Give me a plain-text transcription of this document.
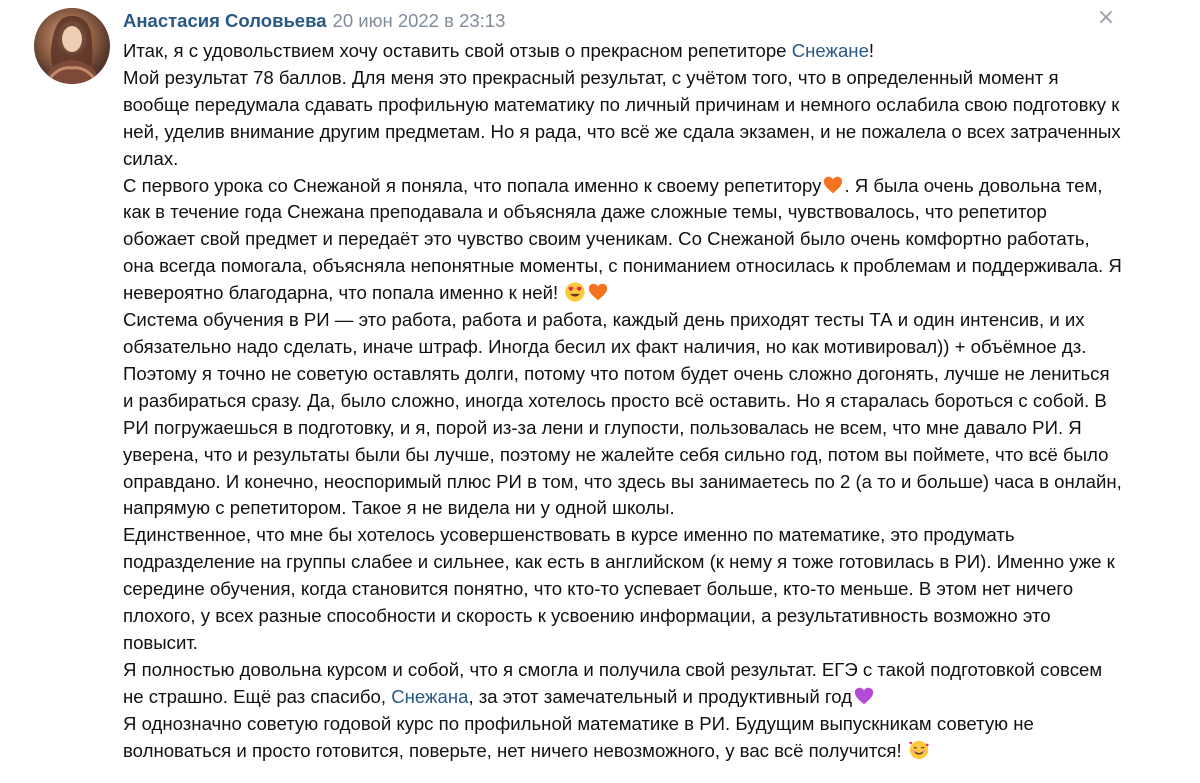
×
Анастасия Соловьева 20 июн 2022 в 23:13

Итак, я с удовольствием хочу оставить свой отзыв о прекрасном репетиторе Снежане!

Мой результат 78 баллов. Для меня это прекрасный результат, с учётом того, что в определенный момент я вообще передумала сдавать профильную математику по личный причинам и немного ослабила свою подготовку к ней, уделив внимание другим предметам. Но я рада, что всё же сдала экзамен, и не пожалела о всех затраченных силах.

С первого урока со Снежаной я поняла, что попала именно к своему репетитору . Я была очень довольна тем, как в течение года Снежана преподавала и объясняла даже сложные темы, чувствовалось, что репетитор обожает свой предмет и передаёт это чувство своим ученикам. Со Снежаной было очень комфортно работать, она всегда помогала, объясняла непонятные моменты, с пониманием относилась к проблемам и поддерживала. Я невероятно благодарна, что попала именно к ней!

Система обучения в РИ — это работа, работа и работа, каждый день приходят тесты ТА и один интенсив, и их обязательно надо сделать, иначе штраф. Иногда бесил их факт наличия, но как мотивировал)) + объёмное дз. Поэтому я точно не советую оставлять долги, потому что потом будет очень сложно догонять, лучше не лениться и разбираться сразу. Да, было сложно, иногда хотелось просто всё оставить. Но я старалась бороться с собой. В РИ погружаешься в подготовку, и я, порой из-за лени и глупости, пользовалась не всем, что мне давало РИ. Я уверена, что и результаты были бы лучше, поэтому не жалейте себя сильно год, потом вы поймете, что всё было оправдано. И конечно, неоспоримый плюс РИ в том, что здесь вы занимаетесь по 2 (а то и больше) часа в онлайн, напрямую с репетитором. Такое я не видела ни у одной школы.

Единственное, что мне бы хотелось усовершенствовать в курсе именно по математике, это продумать подразделение на группы слабее и сильнее, как есть в английском (к нему я тоже готовилась в РИ). Именно уже к середине обучения, когда становится понятно, что кто-то успевает больше, кто-то меньше. В этом нет ничего плохого, у всех разные способности и скорость к усвоению информации, а результативность возможно это повысит.

Я полностью довольна курсом и собой, что я смогла и получила свой результат. ЕГЭ с такой подготовкой совсем не страшно. Ещё раз спасибо, Снежана, за этот замечательный и продуктивный год

Я однозначно советую годовой курс по профильной математике в РИ. Будущим выпускникам советую не волноваться и просто готовится, поверьте, нет ничего невозможного, у вас всё получится!
